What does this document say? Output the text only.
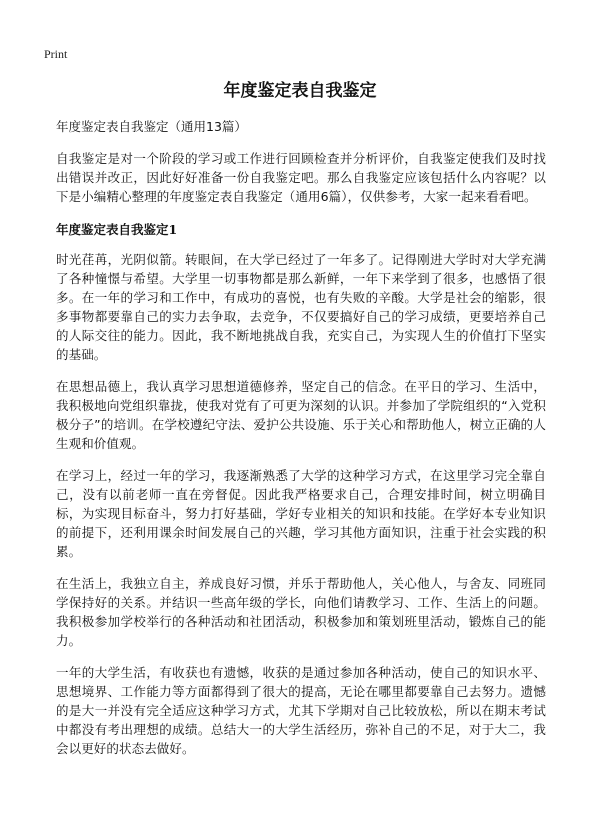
Print
年度鉴定表自我鉴定

年度鉴定表自我鉴定（通用13篇）

自我鉴定是对一个阶段的学习或工作进行回顾检查并分析评价，自我鉴定使我们及时找出错误并改正，因此好好准备一份自我鉴定吧。那么自我鉴定应该包括什么内容呢？以下是小编精心整理的年度鉴定表自我鉴定（通用6篇），仅供参考，大家一起来看看吧。

年度鉴定表自我鉴定1

时光荏苒，光阴似箭。转眼间，在大学已经过了一年多了。记得刚进大学时对大学充满了各种憧憬与希望。大学里一切事物都是那么新鲜，一年下来学到了很多，也感悟了很多。在一年的学习和工作中，有成功的喜悦，也有失败的辛酸。大学是社会的缩影，很多事物都要靠自己的实力去争取，去竞争，不仅要搞好自己的学习成绩，更要培养自己的人际交往的能力。因此，我不断地挑战自我，充实自己，为实现人生的价值打下坚实的基础。

在思想品德上，我认真学习思想道德修养，坚定自己的信念。在平日的学习、生活中，我积极地向党组织靠拢，使我对党有了可更为深刻的认识。并参加了学院组织的“入党积极分子”的培训。在学校遵纪守法、爱护公共设施、乐于关心和帮助他人，树立正确的人生观和价值观。

在学习上，经过一年的学习，我逐渐熟悉了大学的这种学习方式，在这里学习完全靠自己，没有以前老师一直在旁督促。因此我严格要求自己，合理安排时间，树立明确目标，为实现目标奋斗，努力打好基础，学好专业相关的知识和技能。在学好本专业知识的前提下，还利用课余时间发展自己的兴趣，学习其他方面知识，注重于社会实践的积累。

在生活上，我独立自主，养成良好习惯，并乐于帮助他人，关心他人，与舍友、同班同学保持好的关系。并结识一些高年级的学长，向他们请教学习、工作、生活上的问题。我积极参加学校举行的各种活动和社团活动，积极参加和策划班里活动，锻炼自己的能力。

一年的大学生活，有收获也有遗憾，收获的是通过参加各种活动，使自己的知识水平、思想境界、工作能力等方面都得到了很大的提高，无论在哪里都要靠自己去努力。遗憾的是大一并没有完全适应这种学习方式，尤其下学期对自己比较放松，所以在期末考试中都没有考出理想的成绩。总结大一的大学生活经历，弥补自己的不足，对于大二，我会以更好的状态去做好。
